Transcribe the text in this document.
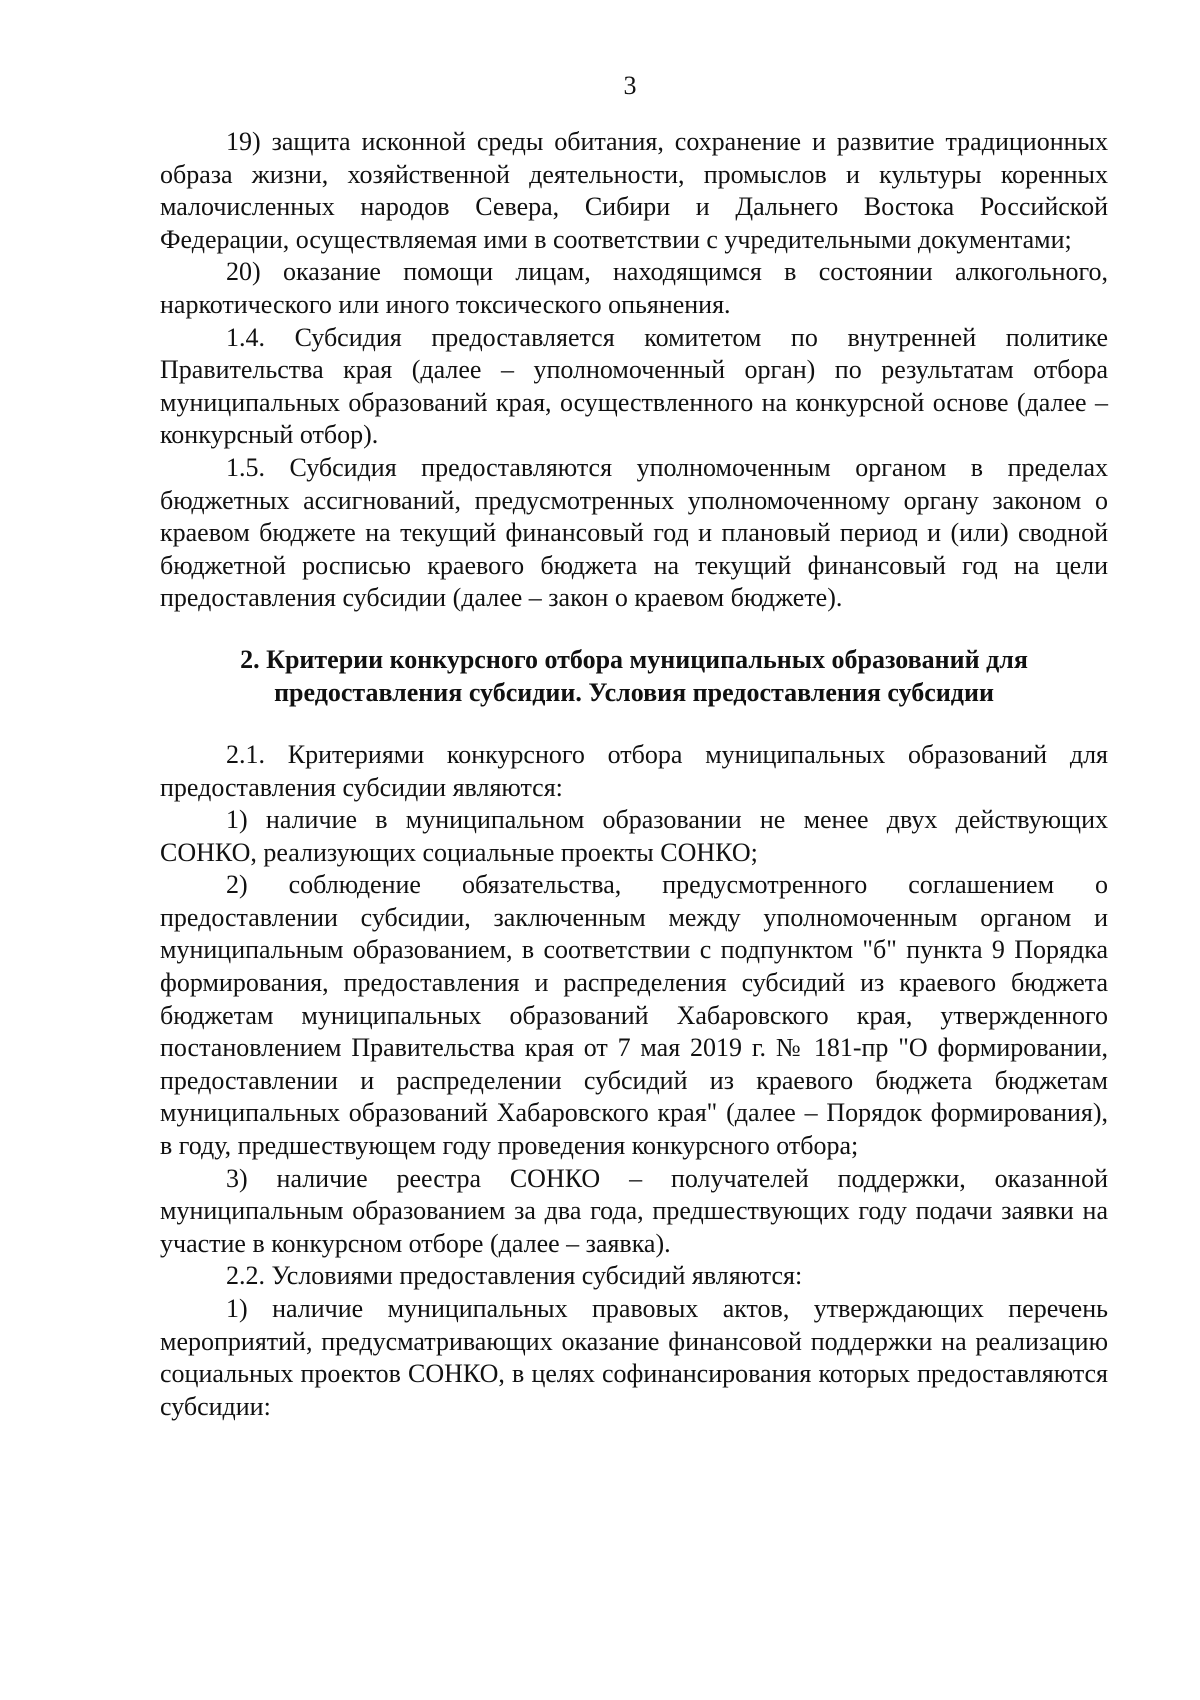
3

19) защита исконной среды обитания, сохранение и развитие традиционных образа жизни, хозяйственной деятельности, промыслов и культуры коренных малочисленных народов Севера, Сибири и Дальнего Востока Российской Федерации, осуществляемая ими в соответствии с учредительными документами;

20) оказание помощи лицам, находящимся в состоянии алкогольного, наркотического или иного токсического опьянения.

1.4. Субсидия предоставляется комитетом по внутренней политике Правительства края (далее – уполномоченный орган) по результатам отбора муниципальных образований края, осуществленного на конкурсной основе (далее –конкурсный отбор).

1.5. Субсидия предоставляются уполномоченным органом в пределах бюджетных ассигнований, предусмотренных уполномоченному органу законом о краевом бюджете на текущий финансовый год и плановый период и (или) сводной бюджетной росписью краевого бюджета на текущий финансовый год на цели предоставления субсидии (далее – закон о краевом бюджете).

2. Критерии конкурсного отбора муниципальных образований для
предоставления субсидии. Условия предоставления субсидии

2.1. Критериями конкурсного отбора муниципальных образований для предоставления субсидии являются:

1) наличие в муниципальном образовании не менее двух действующих СОНКО, реализующих социальные проекты СОНКО;

2) соблюдение обязательства, предусмотренного соглашением о предоставлении субсидии, заключенным между уполномоченным органом и муниципальным образованием, в соответствии с подпунктом "б" пункта 9 Порядка формирования, предоставления и распределения субсидий из краевого бюджета бюджетам муниципальных образований Хабаровского края, утвержденного постановлением Правительства края от 7 мая 2019 г. № 181-пр "О формировании, предоставлении и распределении субсидий из краевого бюджета бюджетам муниципальных образований Хабаровского края" (далее – Порядок формирования), в году, предшествующем году проведения конкурсного отбора;

3) наличие реестра СОНКО – получателей поддержки, оказанной муниципальным образованием за два года, предшествующих году подачи заявки на участие в конкурсном отборе (далее – заявка).

2.2. Условиями предоставления субсидий являются:

1) наличие муниципальных правовых актов, утверждающих перечень мероприятий, предусматривающих оказание финансовой поддержки на реализацию социальных проектов СОНКО, в целях софинансирования которых предоставляются субсидии:
